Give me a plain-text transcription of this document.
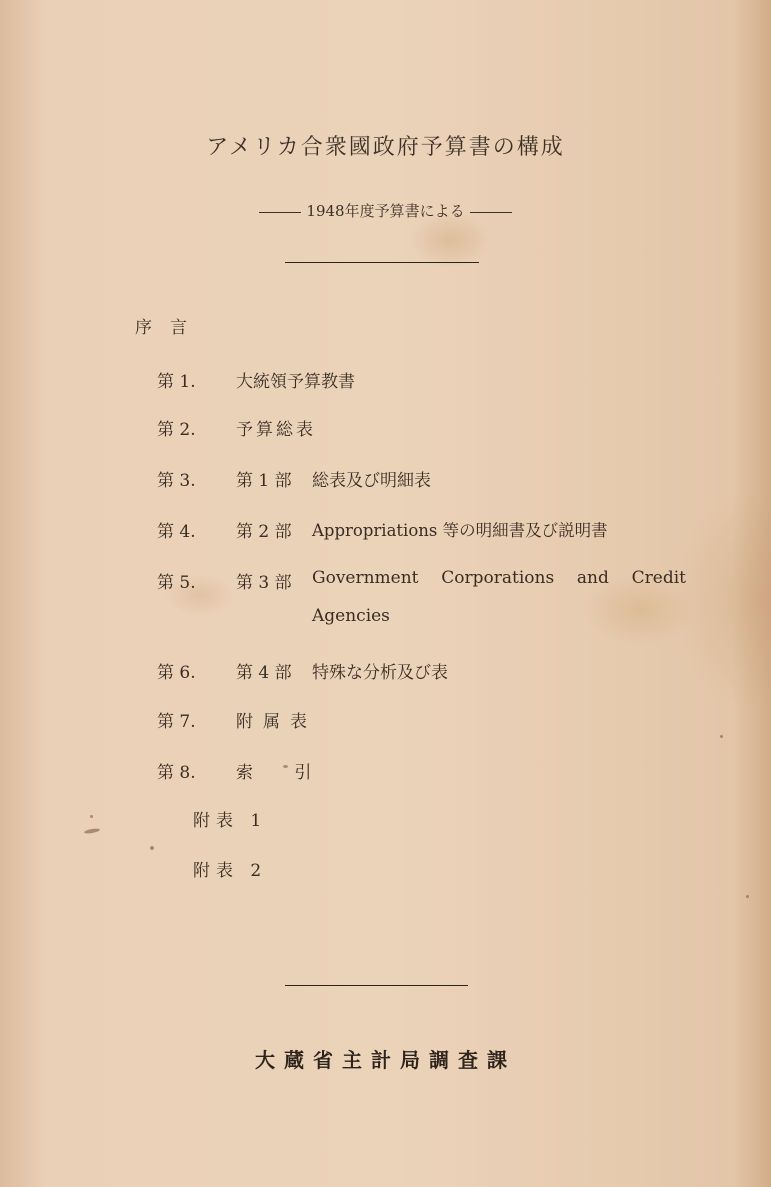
アメリカ合衆國政府予算書の構成
1948年度予算書による
序言
第 1. 大統領予算教書
第 2. 予算総表
第 3. 第 1 部 総表及び明細表
第 4. 第 2 部 Appropriations 等の明細書及び説明書
第 5. 第 3 部 Government Corporations and Credit
Agencies
第 6. 第 4 部 特殊な分析及び表
第 7. 附属表
第 8. 索 引
附表 1
附表 2
大蔵省主計局調査課
